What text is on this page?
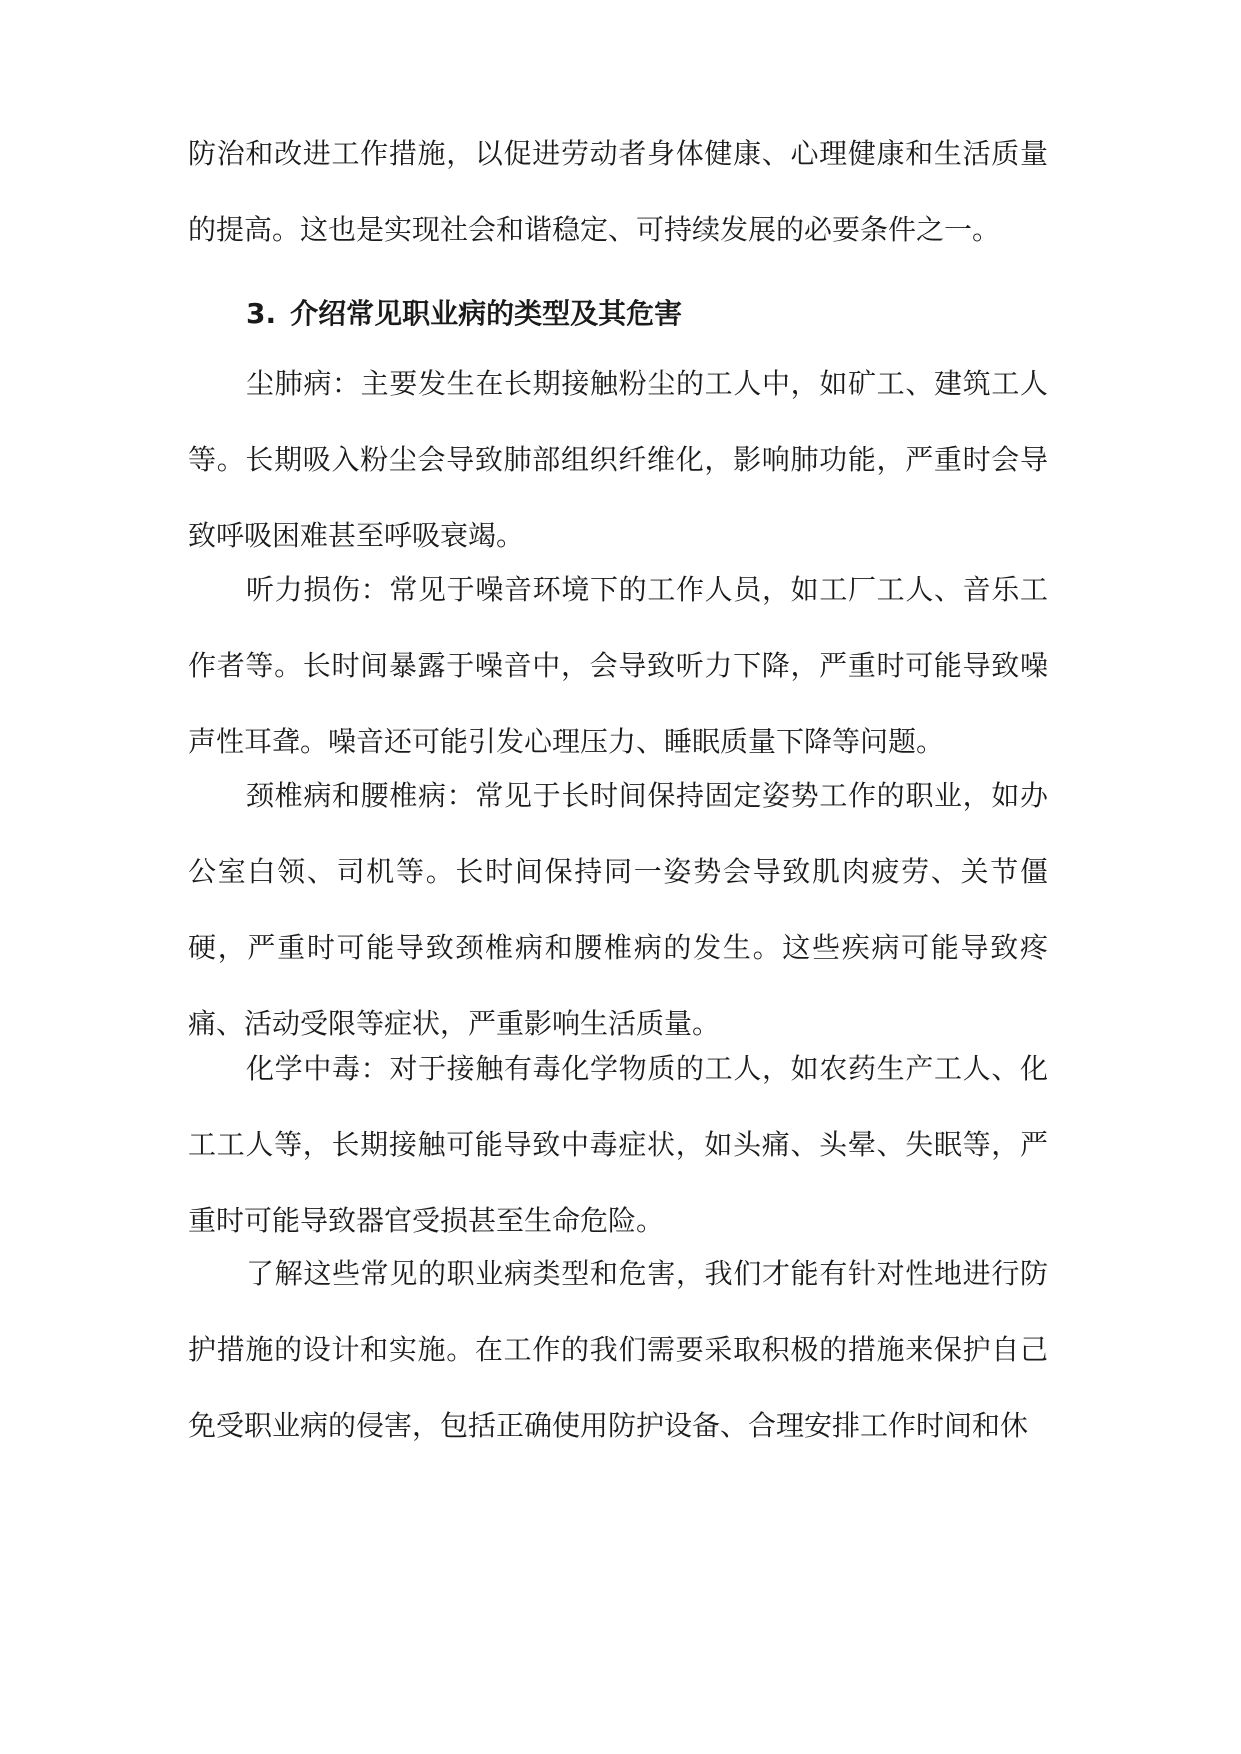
防治和改进工作措施，以促进劳动者身体健康、心理健康和生活质量的提高。这也是实现社会和谐稳定、可持续发展的必要条件之一。

3. 介绍常见职业病的类型及其危害

尘肺病：主要发生在长期接触粉尘的工人中，如矿工、建筑工人等。长期吸入粉尘会导致肺部组织纤维化，影响肺功能，严重时会导致呼吸困难甚至呼吸衰竭。

听力损伤：常见于噪音环境下的工作人员，如工厂工人、音乐工作者等。长时间暴露于噪音中，会导致听力下降，严重时可能导致噪声性耳聋。噪音还可能引发心理压力、睡眠质量下降等问题。

颈椎病和腰椎病：常见于长时间保持固定姿势工作的职业，如办公室白领、司机等。长时间保持同一姿势会导致肌肉疲劳、关节僵硬，严重时可能导致颈椎病和腰椎病的发生。这些疾病可能导致疼痛、活动受限等症状，严重影响生活质量。

化学中毒：对于接触有毒化学物质的工人，如农药生产工人、化工工人等，长期接触可能导致中毒症状，如头痛、头晕、失眠等，严重时可能导致器官受损甚至生命危险。

了解这些常见的职业病类型和危害，我们才能有针对性地进行防护措施的设计和实施。在工作的我们需要采取积极的措施来保护自己免受职业病的侵害，包括正确使用防护设备、合理安排工作时间和休
